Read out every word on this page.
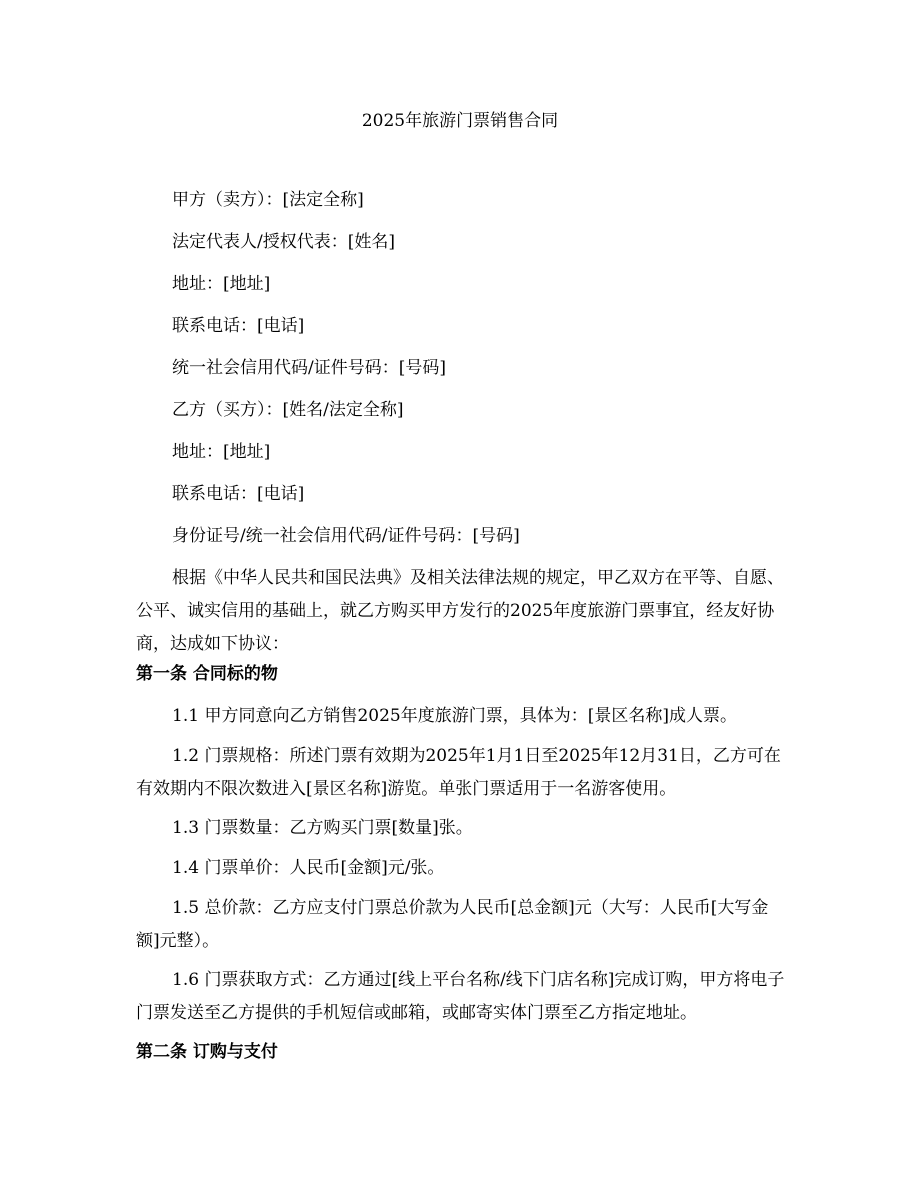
2025年旅游门票销售合同
甲方（卖方）：[法定全称]
法定代表人/授权代表：[姓名]
地址：[地址]
联系电话：[电话]
统一社会信用代码/证件号码：[号码]
乙方（买方）：[姓名/法定全称]
地址：[地址]
联系电话：[电话]
身份证号/统一社会信用代码/证件号码：[号码]

根据《中华人民共和国民法典》及相关法律法规的规定，甲乙双方在平等、自愿、公平、诚实信用的基础上，就乙方购买甲方发行的2025年度旅游门票事宜，经友好协商，达成如下协议：

第一条 合同标的物

1.1 甲方同意向乙方销售2025年度旅游门票，具体为：[景区名称]成人票。

1.2 门票规格：所述门票有效期为2025年1月1日至2025年12月31日，乙方可在有效期内不限次数进入[景区名称]游览。单张门票适用于一名游客使用。

1.3 门票数量：乙方购买门票[数量]张。

1.4 门票单价：人民币[金额]元/张。

1.5 总价款：乙方应支付门票总价款为人民币[总金额]元（大写：人民币[大写金额]元整）。

1.6 门票获取方式：乙方通过[线上平台名称/线下门店名称]完成订购，甲方将电子门票发送至乙方提供的手机短信或邮箱，或邮寄实体门票至乙方指定地址。

第二条 订购与支付
